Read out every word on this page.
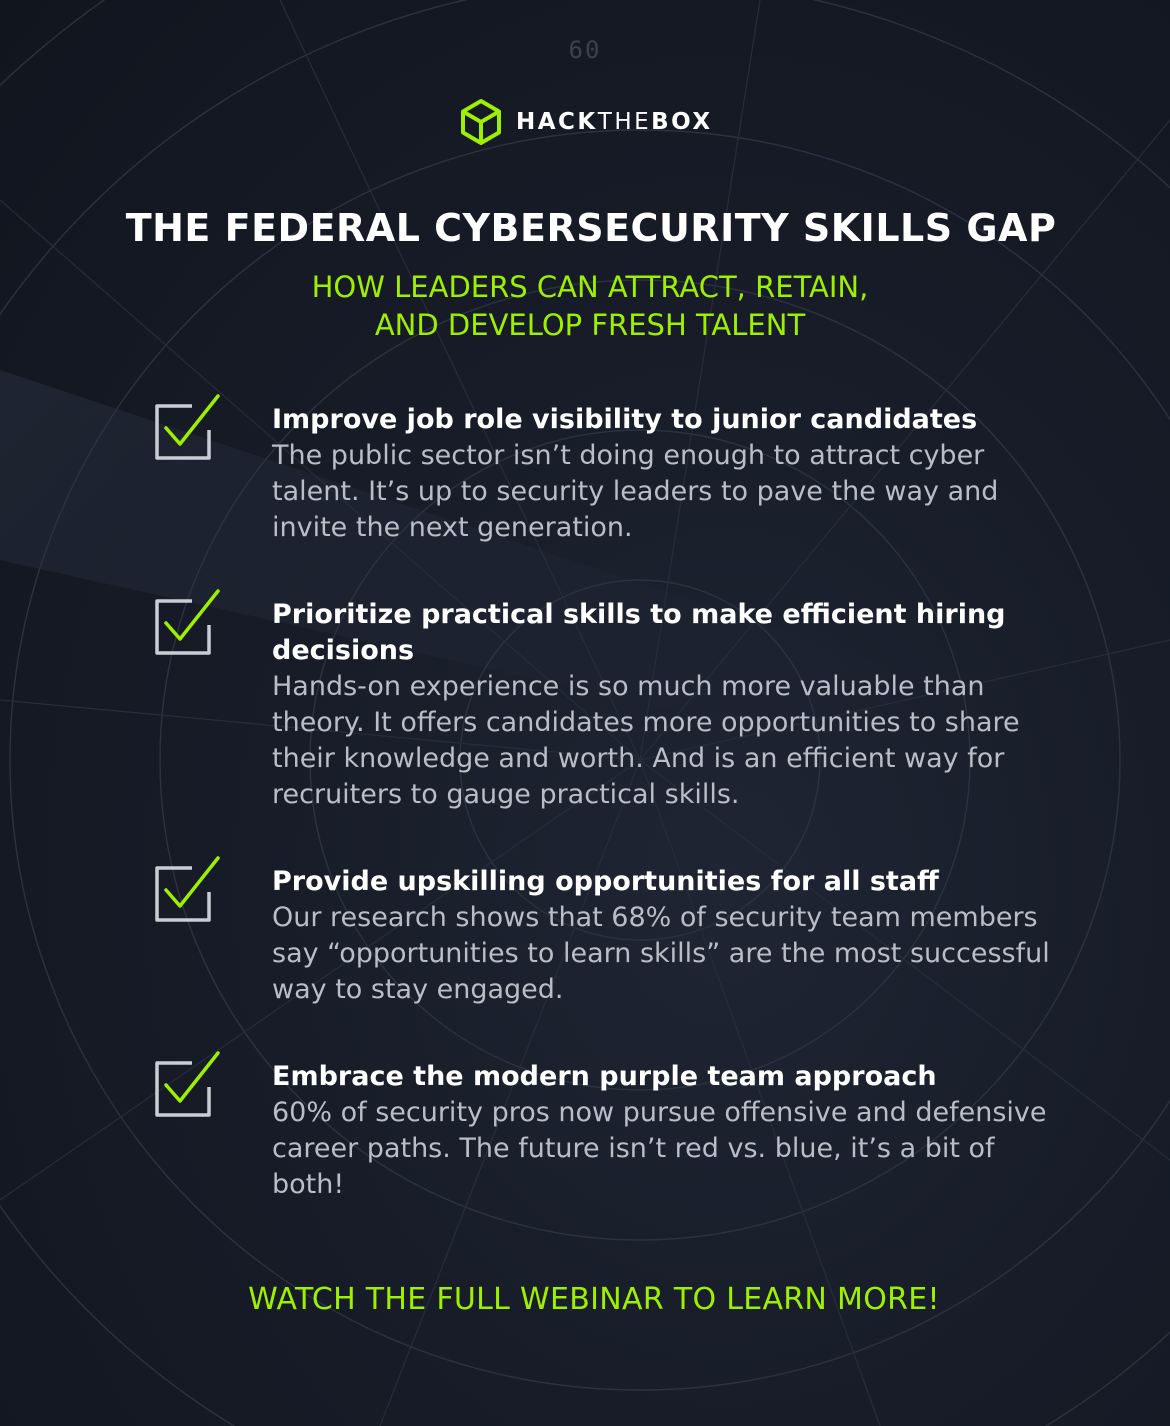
60
HACKTHEBOX
THE FEDERAL CYBERSECURITY SKILLS GAP
HOW LEADERS CAN ATTRACT, RETAIN,
AND DEVELOP FRESH TALENT
Improve job role visibility to junior candidates
The public sector isn’t doing enough to attract cyber talent. It’s up to security leaders to pave the way and invite the next generation.
Prioritize practical skills to make efficient hiring decisions
Hands-on experience is so much more valuable than theory. It offers candidates more opportunities to share their knowledge and worth. And is an efficient way for recruiters to gauge practical skills.
Provide upskilling opportunities for all staff
Our research shows that 68% of security team members say “opportunities to learn skills” are the most successful way to stay engaged.
Embrace the modern purple team approach
60% of security pros now pursue offensive and defensive career paths. The future isn’t red vs. blue, it’s a bit of both!
WATCH THE FULL WEBINAR TO LEARN MORE!
